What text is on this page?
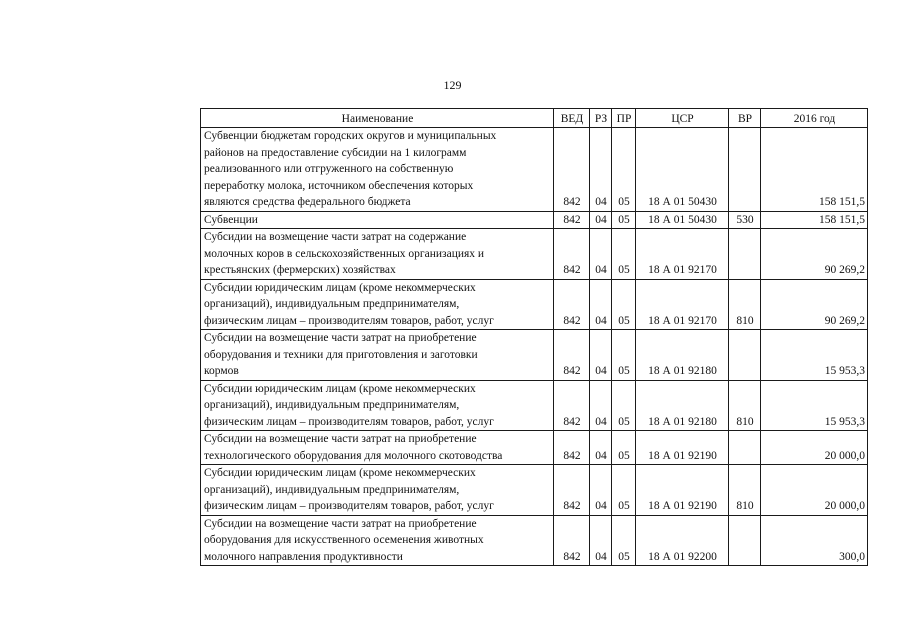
129
Наименование	ВЕД	РЗ	ПР	ЦСР	ВР	2016 год
Субвенции бюджетам городских округов и муниципальных
районов на предоставление субсидии на 1 килограмм
реализованного или отгруженного на собственную
переработку молока, источником обеспечения которых
являются средства федерального бюджета	842	04	05	18 А 01 50430		158 151,5
Субвенции	842	04	05	18 А 01 50430	530	158 151,5
Субсидии на возмещение части затрат на содержание
молочных коров в сельскохозяйственных организациях и
крестьянских (фермерских) хозяйствах	842	04	05	18 А 01 92170		90 269,2
Субсидии юридическим лицам (кроме некоммерческих
организаций), индивидуальным предпринимателям,
физическим лицам – производителям товаров, работ, услуг	842	04	05	18 А 01 92170	810	90 269,2
Субсидии на возмещение части затрат на приобретение
оборудования и техники для приготовления и заготовки
кормов	842	04	05	18 А 01 92180		15 953,3
Субсидии юридическим лицам (кроме некоммерческих
организаций), индивидуальным предпринимателям,
физическим лицам – производителям товаров, работ, услуг	842	04	05	18 А 01 92180	810	15 953,3
Субсидии на возмещение части затрат на приобретение
технологического оборудования для молочного скотоводства	842	04	05	18 А 01 92190		20 000,0
Субсидии юридическим лицам (кроме некоммерческих
организаций), индивидуальным предпринимателям,
физическим лицам – производителям товаров, работ, услуг	842	04	05	18 А 01 92190	810	20 000,0
Субсидии на возмещение части затрат на приобретение
оборудования для искусственного осеменения животных
молочного направления продуктивности	842	04	05	18 А 01 92200		300,0
